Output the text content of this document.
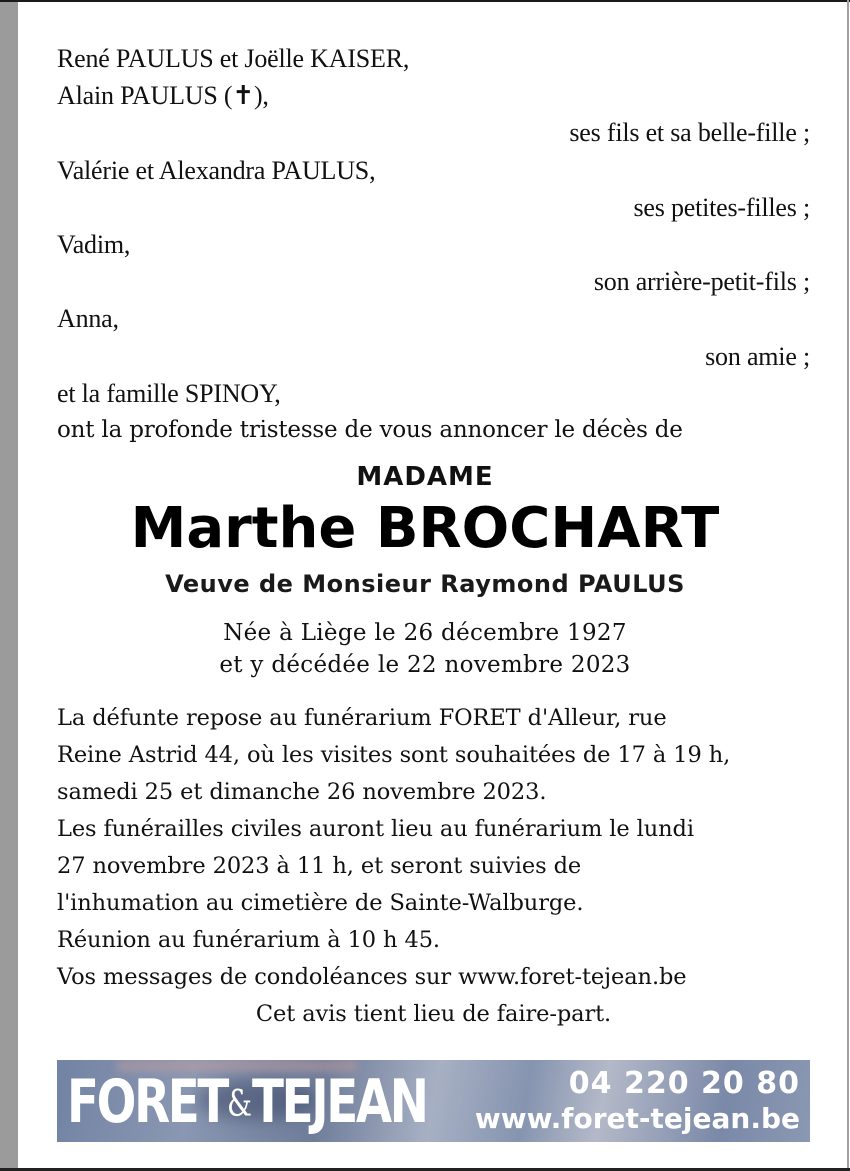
René PAULUS et Joëlle KAISER,
Alain PAULUS (✝),
ses fils et sa belle-fille ;
Valérie et Alexandra PAULUS,
ses petites-filles ;
Vadim,
son arrière-petit-fils ;
Anna,
son amie ;
et la famille SPINOY,
ont la profonde tristesse de vous annoncer le décès de
MADAME
Marthe BROCHART
Veuve de Monsieur Raymond PAULUS
Née à Liège le 26 décembre 1927
et y décédée le 22 novembre 2023
La défunte repose au funérarium FORET d'Alleur, rue
Reine Astrid 44, où les visites sont souhaitées de 17 à 19 h,
samedi 25 et dimanche 26 novembre 2023.
Les funérailles civiles auront lieu au funérarium le lundi
27 novembre 2023 à 11 h, et seront suivies de
l'inhumation au cimetière de Sainte-Walburge.
Réunion au funérarium à 10 h 45.
Vos messages de condoléances sur www.foret-tejean.be
Cet avis tient lieu de faire-part.
FORET&TEJEAN	04 220 20 80
www.foret-tejean.be
